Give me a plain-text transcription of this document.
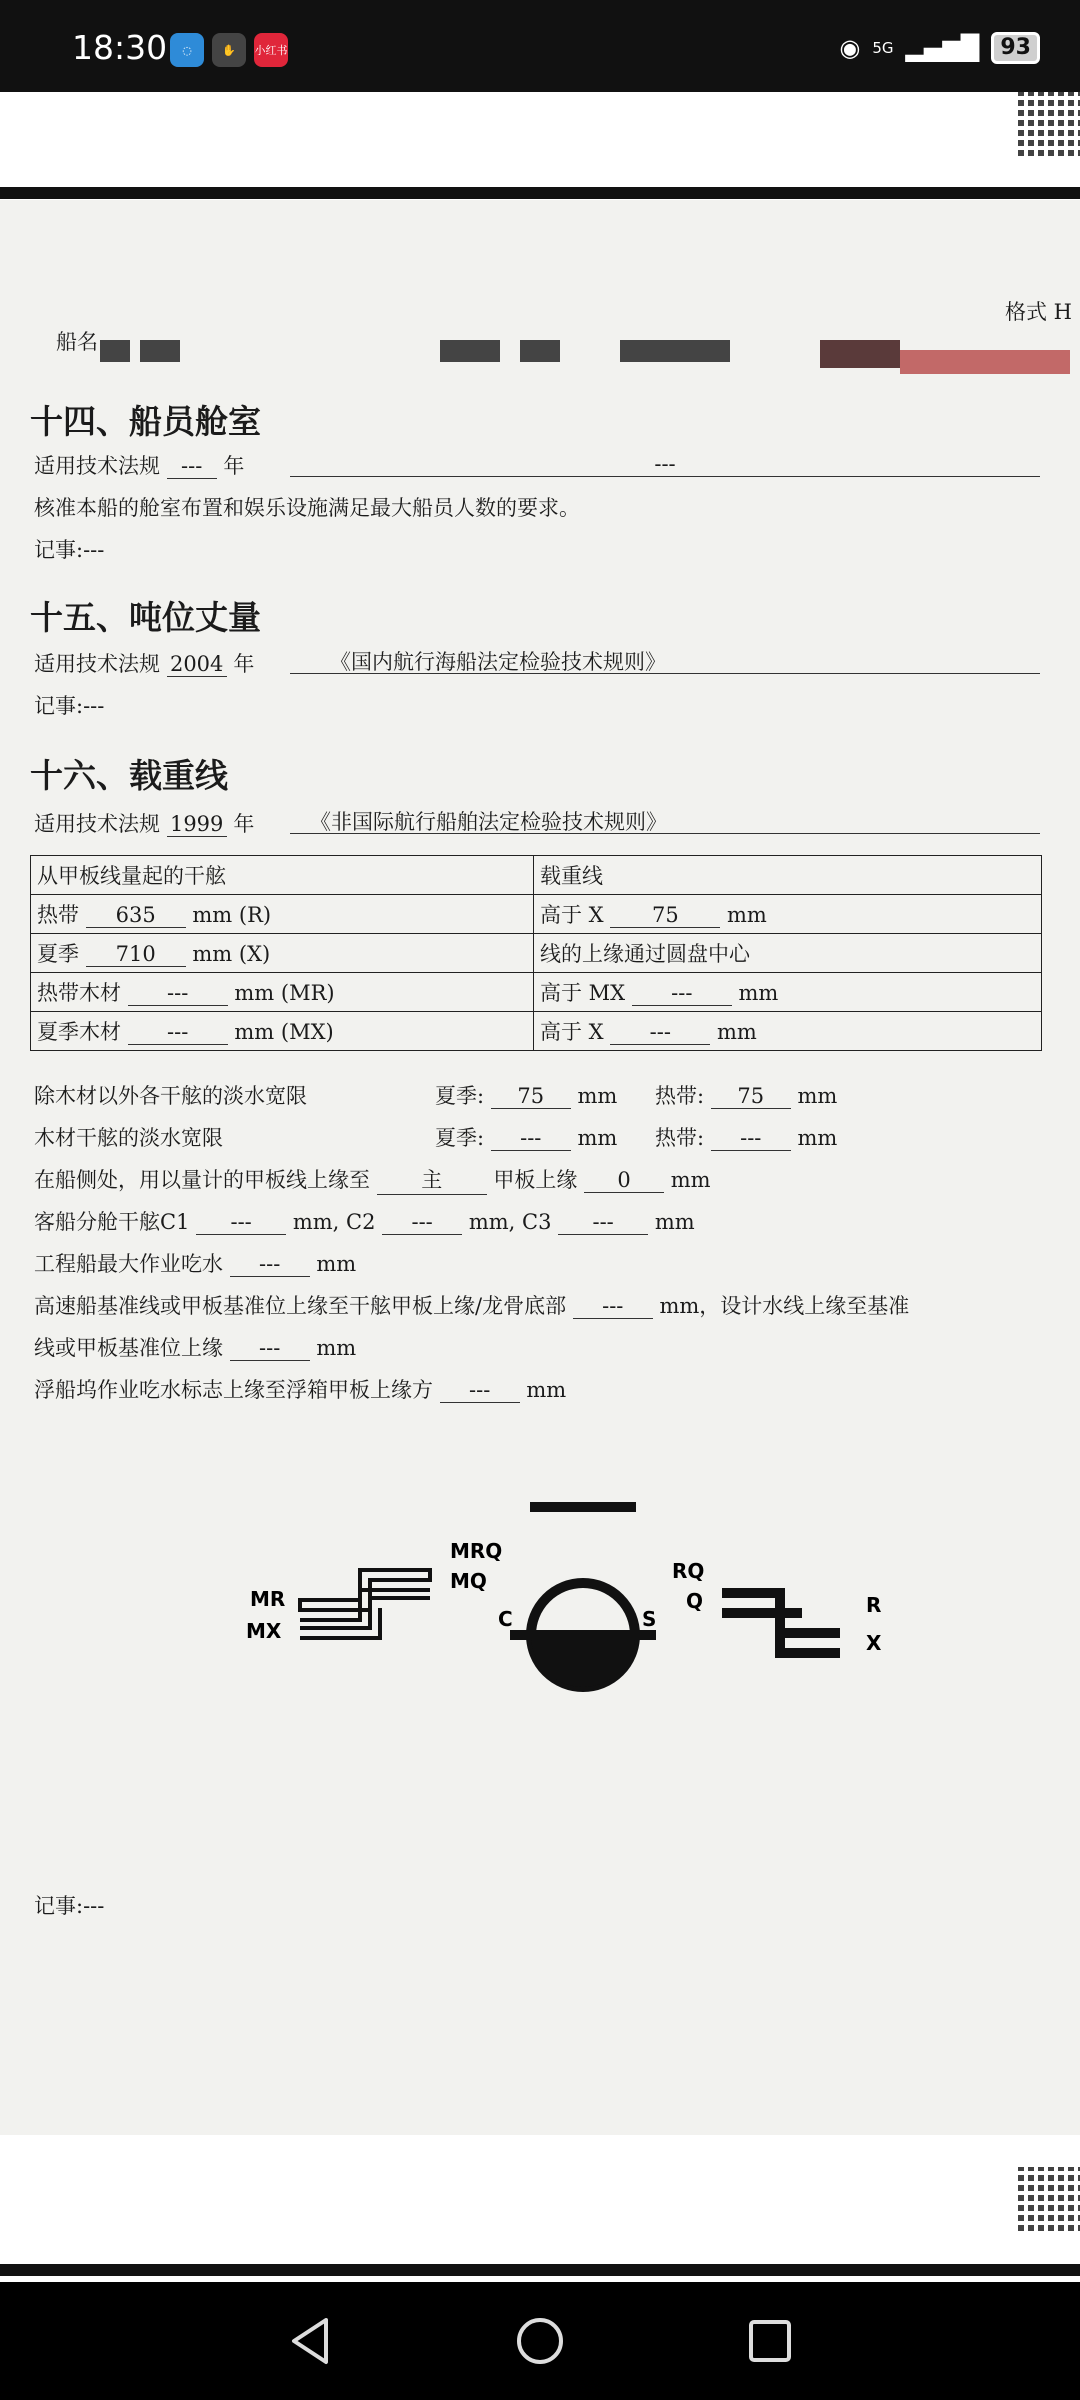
18:30	◌	✋	小红书	◉ 5G ▂▄▆█ 93
格式 H
船名
十四、船员舱室
适用技术法规 --- 年	---
核准本船的舱室布置和娱乐设施满足最大船员人数的要求。
记事:---
十五、吨位丈量
适用技术法规 2004 年	《国内航行海船法定检验技术规则》
记事:---
十六、载重线
适用技术法规 1999 年	《非国际航行船舶法定检验技术规则》
从甲板线量起的干舷	载重线
热带 635 mm (R)	高于 X 75 mm
夏季 710 mm (X)	线的上缘通过圆盘中心
热带木材 --- mm (MR)	高于 MX --- mm
夏季木材 --- mm (MX)	高于 X --- mm
除木材以外各干舷的淡水宽限	夏季: 75 mm 热带: 75 mm
木材干舷的淡水宽限	夏季: --- mm 热带: --- mm
在船侧处，用以量计的甲板线上缘至 主 甲板上缘 0 mm
客船分舱干舷C1 --- mm, C2 --- mm, C3 --- mm
工程船最大作业吃水 --- mm
高速船基准线或甲板基准位上缘至干舷甲板上缘/龙骨底部 --- mm，设计水线上缘至基准
线或甲板基准位上缘 --- mm
浮船坞作业吃水标志上缘至浮箱甲板上缘方 --- mm
MR
MX
MRQ
MQ
C	S
RQ
Q	R
X
记事:---
